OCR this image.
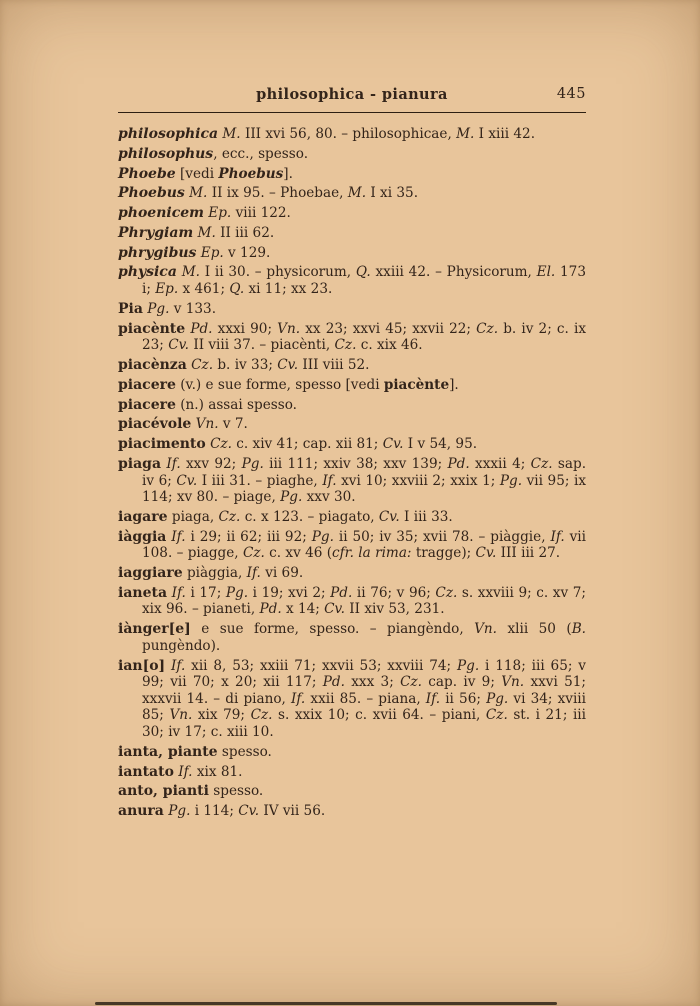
philosophica - pianura	445

philosophica M. III xvi 56, 80. – philosophicae, M. I xiii 42.

philosophus, ecc., spesso.

Phoebe [vedi Phoebus].

Phoebus M. II ix 95. – Phoebae, M. I xi 35.

phoenicem Ep. viii 122.

Phrygiam M. II iii 62.

phrygibus Ep. v 129.

physica M. I ii 30. – physicorum, Q. xxiii 42. – Physicorum, El. 173 i; Ep. x 461; Q. xi 11; xx 23.

Pia Pg. v 133.

piacènte Pd. xxxi 90; Vn. xx 23; xxvi 45; xxvii 22; Cz. b. iv 2; c. ix 23; Cv. II viii 37. – piacènti, Cz. c. xix 46.

piacènza Cz. b. iv 33; Cv. III viii 52.

piacere (v.) e sue forme, spesso [vedi piacènte].

piacere (n.) assai spesso.

piacévole Vn. v 7.

piacimento Cz. c. xiv 41; cap. xii 81; Cv. I v 54, 95.

piaga If. xxv 92; Pg. iii 111; xxiv 38; xxv 139; Pd. xxxii 4; Cz. sap. iv 6; Cv. I iii 31. – piaghe, If. xvi 10; xxviii 2; xxix 1; Pg. vii 95; ix 114; xv 80. – piage, Pg. xxv 30.

iagare piaga, Cz. c. x 123. – piagato, Cv. I iii 33.

iàggia If. i 29; ii 62; iii 92; Pg. ii 50; iv 35; xvii 78. – piàggie, If. vii 108. – piagge, Cz. c. xv 46 (cfr. la rima: tragge); Cv. III iii 27.

iaggiare piàggia, If. vi 69.

ianeta If. i 17; Pg. i 19; xvi 2; Pd. ii 76; v 96; Cz. s. xxviii 9; c. xv 7; xix 96. – pianeti, Pd. x 14; Cv. II xiv 53, 231.

iànger[e] e sue forme, spesso. – piangèndo, Vn. xlii 50 (B. pungèndo).

ian[o] If. xii 8, 53; xxiii 71; xxvii 53; xxviii 74; Pg. i 118; iii 65; v 99; vii 70; x 20; xii 117; Pd. xxx 3; Cz. cap. iv 9; Vn. xxvi 51; xxxvii 14. – di piano, If. xxii 85. – piana, If. ii 56; Pg. vi 34; xviii 85; Vn. xix 79; Cz. s. xxix 10; c. xvii 64. – piani, Cz. st. i 21; iii 30; iv 17; c. xiii 10.

ianta, piante spesso.

iantato If. xix 81.

anto, pianti spesso.

anura Pg. i 114; Cv. IV vii 56.
